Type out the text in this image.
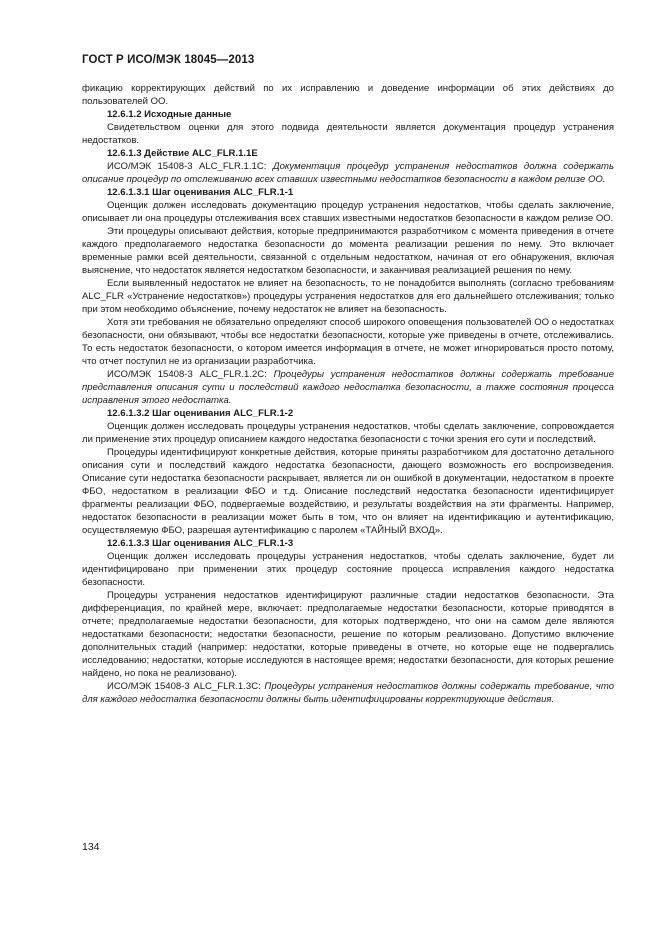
ГОСТ Р ИСО/МЭК 18045—2013

фикацию корректирующих действий по их исправлению и доведение информации об этих действиях до пользователей ОО.

12.6.1.2 Исходные данные

Свидетельством оценки для этого подвида деятельности является документация процедур устранения недостатков.

12.6.1.3 Действие ALC_FLR.1.1E

ИСО/МЭК 15408-3 ALC_FLR.1.1C: Документация процедур устранения недостатков должна содержать описание процедур по отслеживанию всех ставших известными недостатков безопасности в каждом релизе ОО.

12.6.1.3.1 Шаг оценивания ALC_FLR.1-1

Оценщик должен исследовать документацию процедур устранения недостатков, чтобы сделать заключение, описывает ли она процедуры отслеживания всех ставших известными недостатков безопасности в каждом релизе ОО.

Эти процедуры описывают действия, которые предпринимаются разработчиком с момента приведения в отчете каждого предполагаемого недостатка безопасности до момента реализации решения по нему. Это включает временные рамки всей деятельности, связанной с отдельным недостатком, начиная от его обнаружения, включая выяснение, что недостаток является недостатком безопасности, и заканчивая реализацией решения по нему.

Если выявленный недостаток не влияет на безопасность, то не понадобится выполнять (согласно требованиям ALC_FLR «Устранение недостатков») процедуры устранения недостатков для его дальнейшего отслеживания; только при этом необходимо объяснение, почему недостаток не влияет на безопасность.

Хотя эти требования не обязательно определяют способ широкого оповещения пользователей ОО о недостатках безопасности, они обязывают, чтобы все недостатки безопасности, которые уже приведены в отчете, отслеживались. То есть недостаток безопасности, о котором имеется информация в отчете, не может игнорироваться просто потому, что отчет поступил не из организации разработчика.

ИСО/МЭК 15408-3 ALC_FLR.1.2C: Процедуры устранения недостатков должны содержать требование представления описания сути и последствий каждого недостатка безопасности, а также состояния процесса исправления этого недостатка.

12.6.1.3.2 Шаг оценивания ALC_FLR.1-2

Оценщик должен исследовать процедуры устранения недостатков, чтобы сделать заключение, сопровождается ли применение этих процедур описанием каждого недостатка безопасности с точки зрения его сути и последствий.

Процедуры идентифицируют конкретные действия, которые приняты разработчиком для достаточно детального описания сути и последствий каждого недостатка безопасности, дающего возможность его воспроизведения. Описание сути недостатка безопасности раскрывает, является ли он ошибкой в документации, недостатком в проекте ФБО, недостатком в реализации ФБО и т.д. Описание последствий недостатка безопасности идентифицирует фрагменты реализации ФБО, подвергаемые воздействию, и результаты воздействия на эти фрагменты. Например, недостаток безопасности в реализации может быть в том, что он влияет на идентификацию и аутентификацию, осуществляемую ФБО, разрешая аутентификацию с паролем «ТАЙНЫЙ ВХОД».

12.6.1.3.3 Шаг оценивания ALC_FLR.1-3

Оценщик должен исследовать процедуры устранения недостатков, чтобы сделать заключение, будет ли идентифицировано при применении этих процедур состояние процесса исправления каждого недостатка безопасности.

Процедуры устранения недостатков идентифицируют различные стадии недостатков безопасности. Эта дифференциация, по крайней мере, включает: предполагаемые недостатки безопасности, которые приводятся в отчете; предполагаемые недостатки безопасности, для которых подтверждено, что они на самом деле являются недостатками безопасности; недостатки безопасности, решение по которым реализовано. Допустимо включение дополнительных стадий (например: недостатки, которые приведены в отчете, но которые еще не подвергались исследованию; недостатки, которые исследуются в настоящее время; недостатки безопасности, для которых решение найдено, но пока не реализовано).

ИСО/МЭК 15408-3 ALC_FLR.1.3C: Процедуры устранения недостатков должны содержать требование, что для каждого недостатка безопасности должны быть идентифицированы корректирующие действия.

134
